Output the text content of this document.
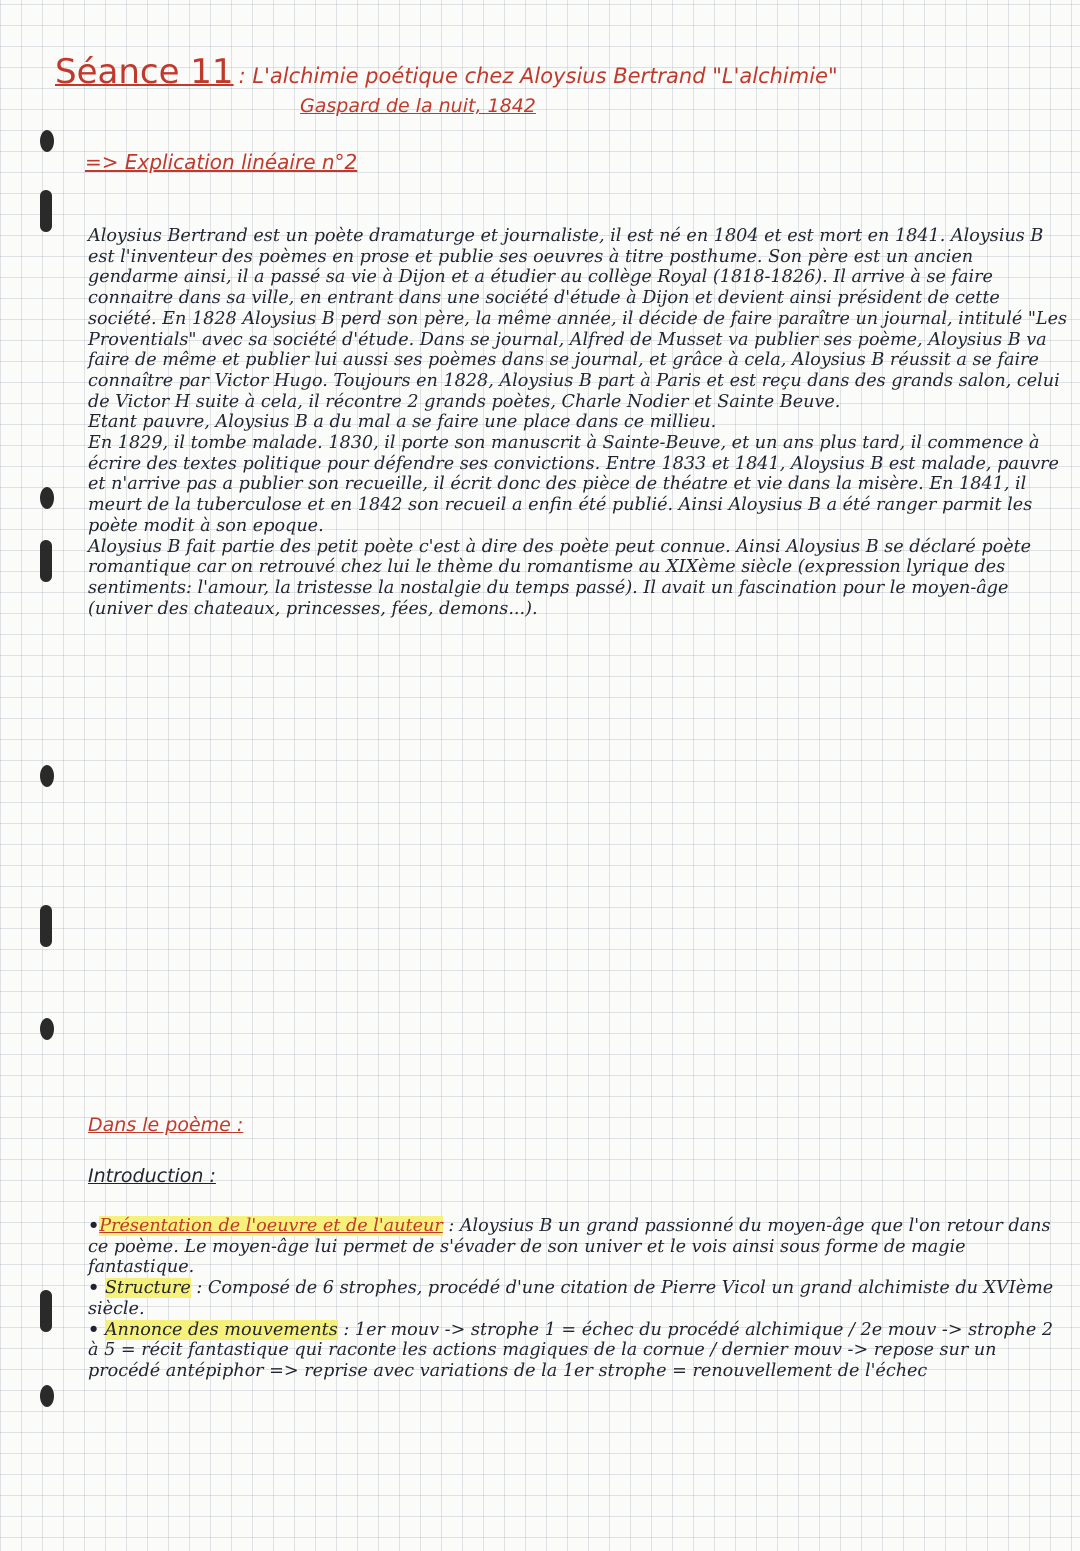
Séance 11 : L'alchimie poétique chez Aloysius Bertrand "L'alchimie"
Gaspard de la nuit, 1842
=> Explication linéaire n°2

Aloysius Bertrand est un poète dramaturge et journaliste, il est né en 1804 et est mort en 1841. Aloysius B est l'inventeur des poèmes en prose et publie ses oeuvres à titre posthume. Son père est un ancien gendarme ainsi, il a passé sa vie à Dijon et a étudier au collège Royal (1818-1826). Il arrive à se faire connaitre dans sa ville, en entrant dans une société d'étude à Dijon et devient ainsi président de cette société. En 1828 Aloysius B perd son père, la même année, il décide de faire paraître un journal, intitulé "Les Proventials" avec sa société d'étude. Dans se journal, Alfred de Musset va publier ses poème, Aloysius B va faire de même et publier lui aussi ses poèmes dans se journal, et grâce à cela, Aloysius B réussit a se faire connaître par Victor Hugo. Toujours en 1828, Aloysius B part à Paris et est reçu dans des grands salon, celui de Victor H suite à cela, il récontre 2 grands poètes, Charle Nodier et Sainte Beuve.

Etant pauvre, Aloysius B a du mal a se faire une place dans ce millieu.

En 1829, il tombe malade. 1830, il porte son manuscrit à Sainte-Beuve, et un ans plus tard, il commence à écrire des textes politique pour défendre ses convictions. Entre 1833 et 1841, Aloysius B est malade, pauvre et n'arrive pas a publier son recueille, il écrit donc des pièce de théatre et vie dans la misère. En 1841, il meurt de la tuberculose et en 1842 son recueil a enfin été publié. Ainsi Aloysius B a été ranger parmit les poète modit à son epoque.

Aloysius B fait partie des petit poète c'est à dire des poète peut connue. Ainsi Aloysius B se déclaré poète romantique car on retrouvé chez lui le thème du romantisme au XIXème siècle (expression lyrique des sentiments: l'amour, la tristesse la nostalgie du temps passé). Il avait un fascination pour le moyen-âge (univer des chateaux, princesses, fées, demons...).

Dans le poème :
Introduction :

•Présentation de l'oeuvre et de l'auteur : Aloysius B un grand passionné du moyen-âge que l'on retour dans ce poème. Le moyen-âge lui permet de s'évader de son univer et le vois ainsi sous forme de magie fantastique.

• Structure : Composé de 6 strophes, procédé d'une citation de Pierre Vicol un grand alchimiste du XVIème siècle.

• Annonce des mouvements : 1er mouv -> strophe 1 = échec du procédé alchimique / 2e mouv -> strophe 2 à 5 = récit fantastique qui raconte les actions magiques de la cornue / dernier mouv -> repose sur un procédé antépiphor => reprise avec variations de la 1er strophe = renouvellement de l'échec
